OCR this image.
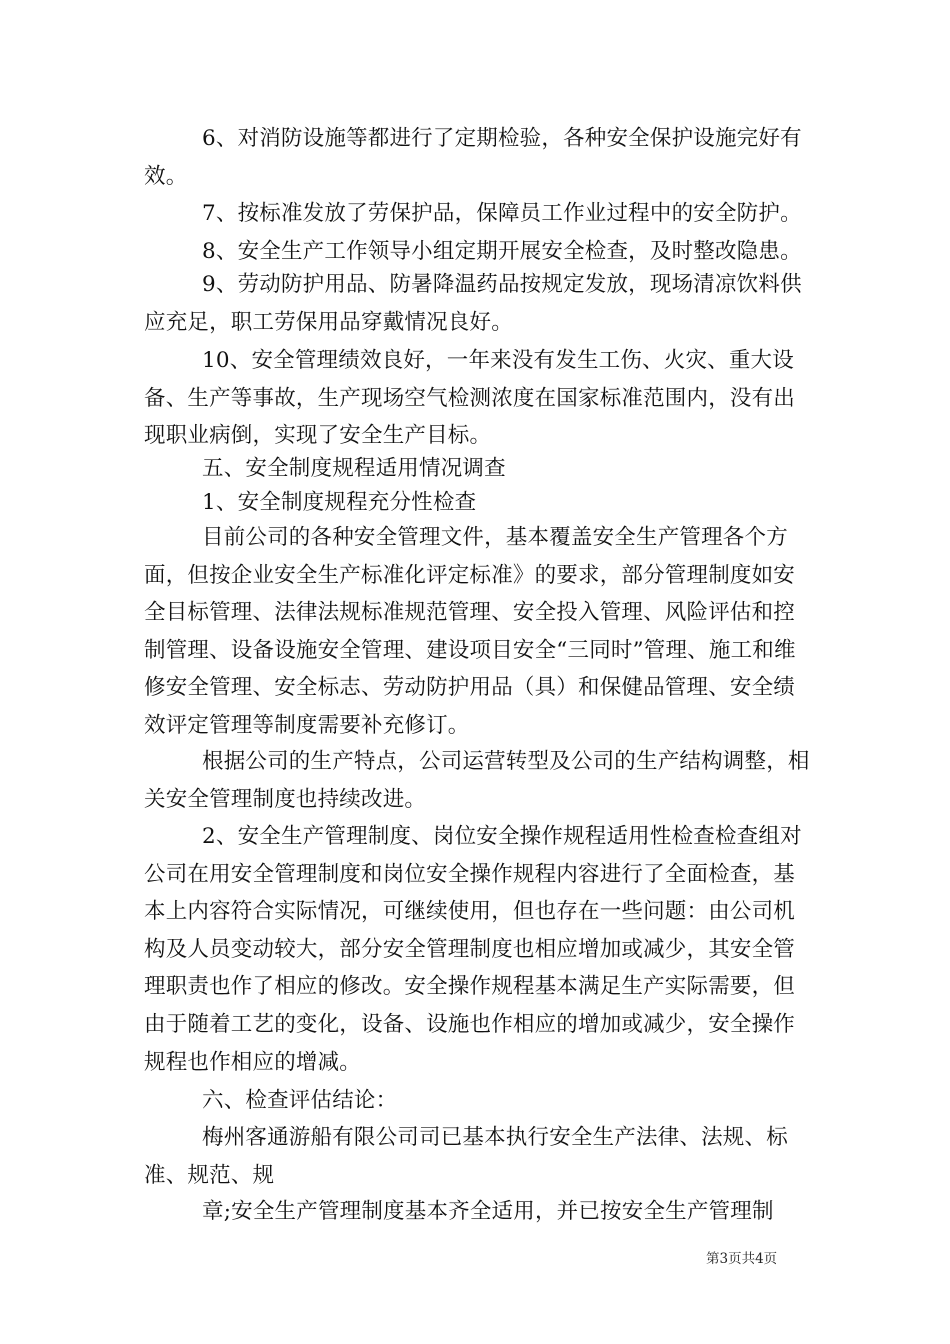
6、对消防设施等都进行了定期检验，各种安全保护设施完好有效。

7、按标准发放了劳保护品，保障员工作业过程中的安全防护。

8、安全生产工作领导小组定期开展安全检查，及时整改隐患。

9、劳动防护用品、防暑降温药品按规定发放，现场清凉饮料供应充足，职工劳保用品穿戴情况良好。

10、安全管理绩效良好，一年来没有发生工伤、火灾、重大设备、生产等事故，生产现场空气检测浓度在国家标准范围内，没有出现职业病倒，实现了安全生产目标。

五、安全制度规程适用情况调查

1、安全制度规程充分性检查

目前公司的各种安全管理文件，基本覆盖安全生产管理各个方面，但按企业安全生产标准化评定标准》的要求，部分管理制度如安全目标管理、法律法规标准规范管理、安全投入管理、风险评估和控制管理、设备设施安全管理、建设项目安全“三同时”管理、施工和维修安全管理、安全标志、劳动防护用品（具）和保健品管理、安全绩效评定管理等制度需要补充修订。

根据公司的生产特点，公司运营转型及公司的生产结构调整，相关安全管理制度也持续改进。

2、安全生产管理制度、岗位安全操作规程适用性检查检查组对公司在用安全管理制度和岗位安全操作规程内容进行了全面检查，基本上内容符合实际情况，可继续使用，但也存在一些问题：由公司机构及人员变动较大，部分安全管理制度也相应增加或减少，其安全管理职责也作了相应的修改。安全操作规程基本满足生产实际需要，但由于随着工艺的变化，设备、设施也作相应的增加或减少，安全操作规程也作相应的增减。

六、检查评估结论：

梅州客通游船有限公司司已基本执行安全生产法律、法规、标准、规范、规

章;安全生产管理制度基本齐全适用，并已按安全生产管理制

第3页共4页
